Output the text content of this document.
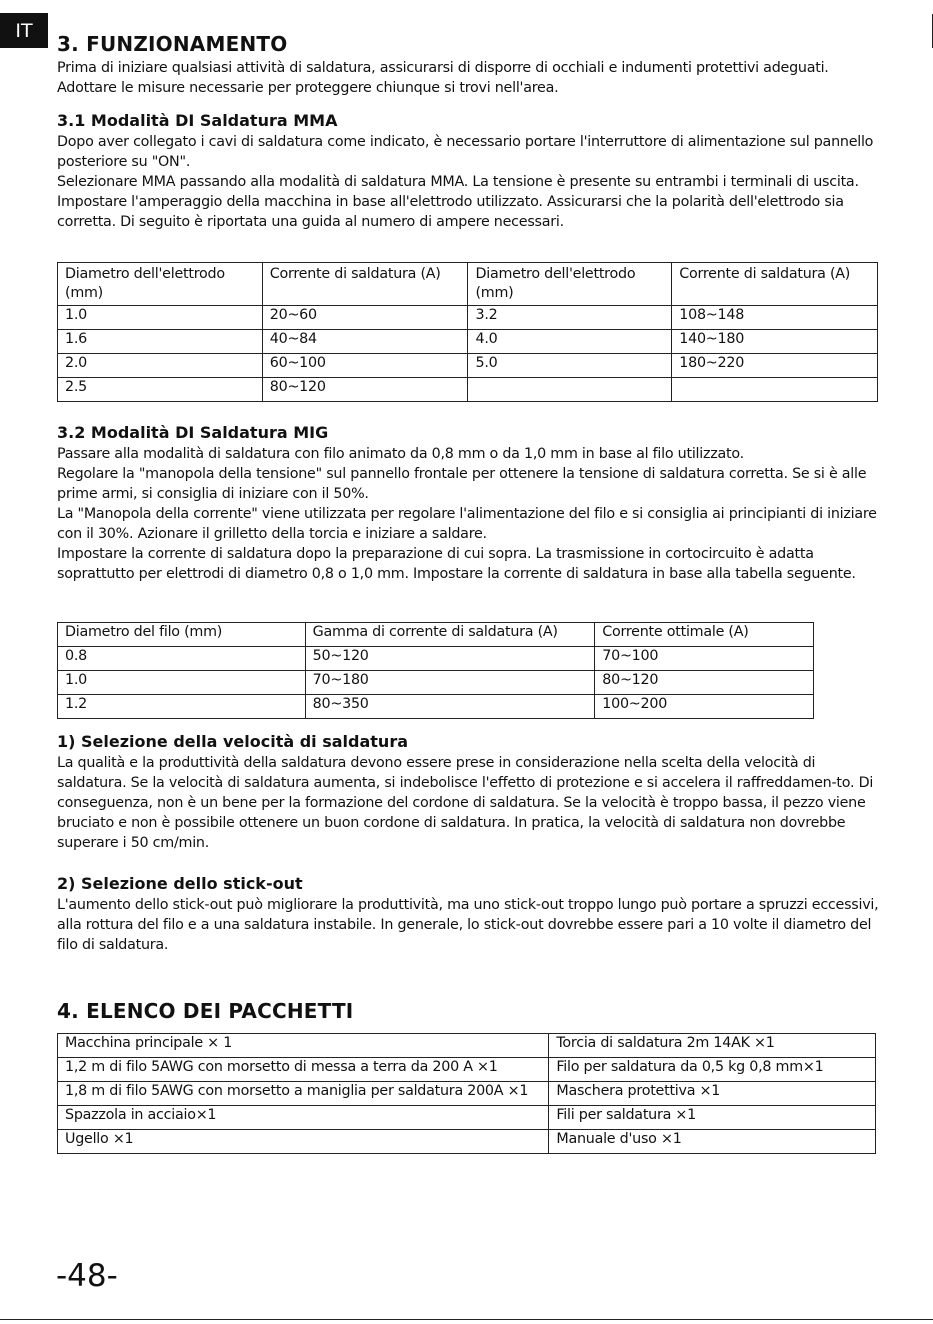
IT
3. FUNZIONAMENTO

Prima di iniziare qualsiasi attività di saldatura, assicurarsi di disporre di occhiali e indumenti protettivi adeguati.

Adottare le misure necessarie per proteggere chiunque si trovi nell'area.

3.1 Modalità DI Saldatura MMA

Dopo aver collegato i cavi di saldatura come indicato, è necessario portare l'interruttore di alimentazione sul pannello posteriore su "ON".

Selezionare MMA passando alla modalità di saldatura MMA. La tensione è presente su entrambi i terminali di uscita. Impostare l'amperaggio della macchina in base all'elettrodo utilizzato. Assicurarsi che la polarità dell'elettrodo sia corretta. Di seguito è riportata una guida al numero di ampere necessari.

Diametro dell'elettrodo (mm)	Corrente di saldatura (A)	Diametro dell'elettrodo (mm)	Corrente di saldatura (A)
1.0	20~60	3.2	108~148
1.6	40~84	4.0	140~180
2.0	60~100	5.0	180~220
2.5	80~120		
3.2 Modalità DI Saldatura MIG

Passare alla modalità di saldatura con filo animato da 0,8 mm o da 1,0 mm in base al filo utilizzato.

Regolare la "manopola della tensione" sul pannello frontale per ottenere la tensione di saldatura corretta. Se si è alle prime armi, si consiglia di iniziare con il 50%.

La "Manopola della corrente" viene utilizzata per regolare l'alimentazione del filo e si consiglia ai principianti di iniziare con il 30%. Azionare il grilletto della torcia e iniziare a saldare.

Impostare la corrente di saldatura dopo la preparazione di cui sopra. La trasmissione in cortocircuito è adatta soprattutto per elettrodi di diametro 0,8 o 1,0 mm. Impostare la corrente di saldatura in base alla tabella seguente.

Diametro del filo (mm)	Gamma di corrente di saldatura (A)	Corrente ottimale (A)
0.8	50~120	70~100
1.0	70~180	80~120
1.2	80~350	100~200
1) Selezione della velocità di saldatura

La qualità e la produttività della saldatura devono essere prese in considerazione nella scelta della velocità di saldatura. Se la velocità di saldatura aumenta, si indebolisce l'effetto di protezione e si accelera il raffreddamen-to. Di conseguenza, non è un bene per la formazione del cordone di saldatura. Se la velocità è troppo bassa, il pezzo viene bruciato e non è possibile ottenere un buon cordone di saldatura. In pratica, la velocità di saldatura non dovrebbe superare i 50 cm/min.

2) Selezione dello stick-out

L'aumento dello stick-out può migliorare la produttività, ma uno stick-out troppo lungo può portare a spruzzi eccessivi, alla rottura del filo e a una saldatura instabile. In generale, lo stick-out dovrebbe essere pari a 10 volte il diametro del filo di saldatura.

4. ELENCO DEI PACCHETTI
Macchina principale × 1	Torcia di saldatura 2m 14AK ×1
1,2 m di filo 5AWG con morsetto di messa a terra da 200 A ×1	Filo per saldatura da 0,5 kg 0,8 mm×1
1,8 m di filo 5AWG con morsetto a maniglia per saldatura 200A ×1	Maschera protettiva ×1
Spazzola in acciaio×1	Fili per saldatura ×1
Ugello ×1	Manuale d'uso ×1
-48-
